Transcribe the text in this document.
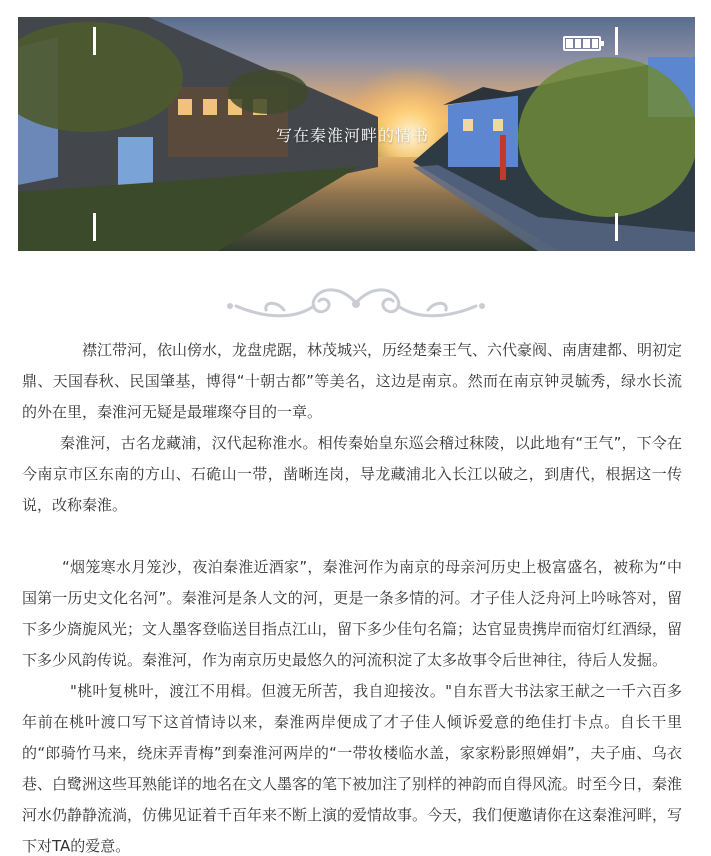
写在秦淮河畔的情书

襟江带河，依山傍水，龙盘虎踞，林茂城兴，历经楚秦王气、六代豪阀、南唐建都、明初定鼎、天国春秋、民国肇基，博得“十朝古都”等美名，这边是南京。然而在南京钟灵毓秀，绿水长流的外在里，秦淮河无疑是最璀璨夺目的一章。

秦淮河，古名龙藏浦，汉代起称淮水。相传秦始皇东巡会稽过秣陵，以此地有“王气”，下令在今南京市区东南的方山、石硊山一带，凿晰连岗，导龙藏浦北入长江以破之，到唐代，根据这一传说，改称秦淮。

“烟笼寒水月笼沙，夜泊秦淮近酒家”，秦淮河作为南京的母亲河历史上极富盛名，被称为“中国第一历史文化名河”。秦淮河是条人文的河，更是一条多情的河。才子佳人泛舟河上吟咏答对，留下多少旖旎风光；文人墨客登临送目指点江山，留下多少佳句名篇；达官显贵携岸而宿灯红酒绿，留下多少风韵传说。秦淮河，作为南京历史最悠久的河流积淀了太多故事令后世神往，待后人发掘。

"桃叶复桃叶，渡江不用楫。但渡无所苦，我自迎接汝。"自东晋大书法家王献之一千六百多年前在桃叶渡口写下这首情诗以来，秦淮两岸便成了才子佳人倾诉爱意的绝佳打卡点。自长干里的“郎骑竹马来，绕床弄青梅”到秦淮河两岸的“一带妆楼临水盖，家家粉影照婵娟”，夫子庙、乌衣巷、白鹭洲这些耳熟能详的地名在文人墨客的笔下被加注了别样的神韵而自得风流。时至今日，秦淮河水仍静静流淌，仿佛见证着千百年来不断上演的爱情故事。今天，我们便邀请你在这秦淮河畔，写下对TA的爱意。
